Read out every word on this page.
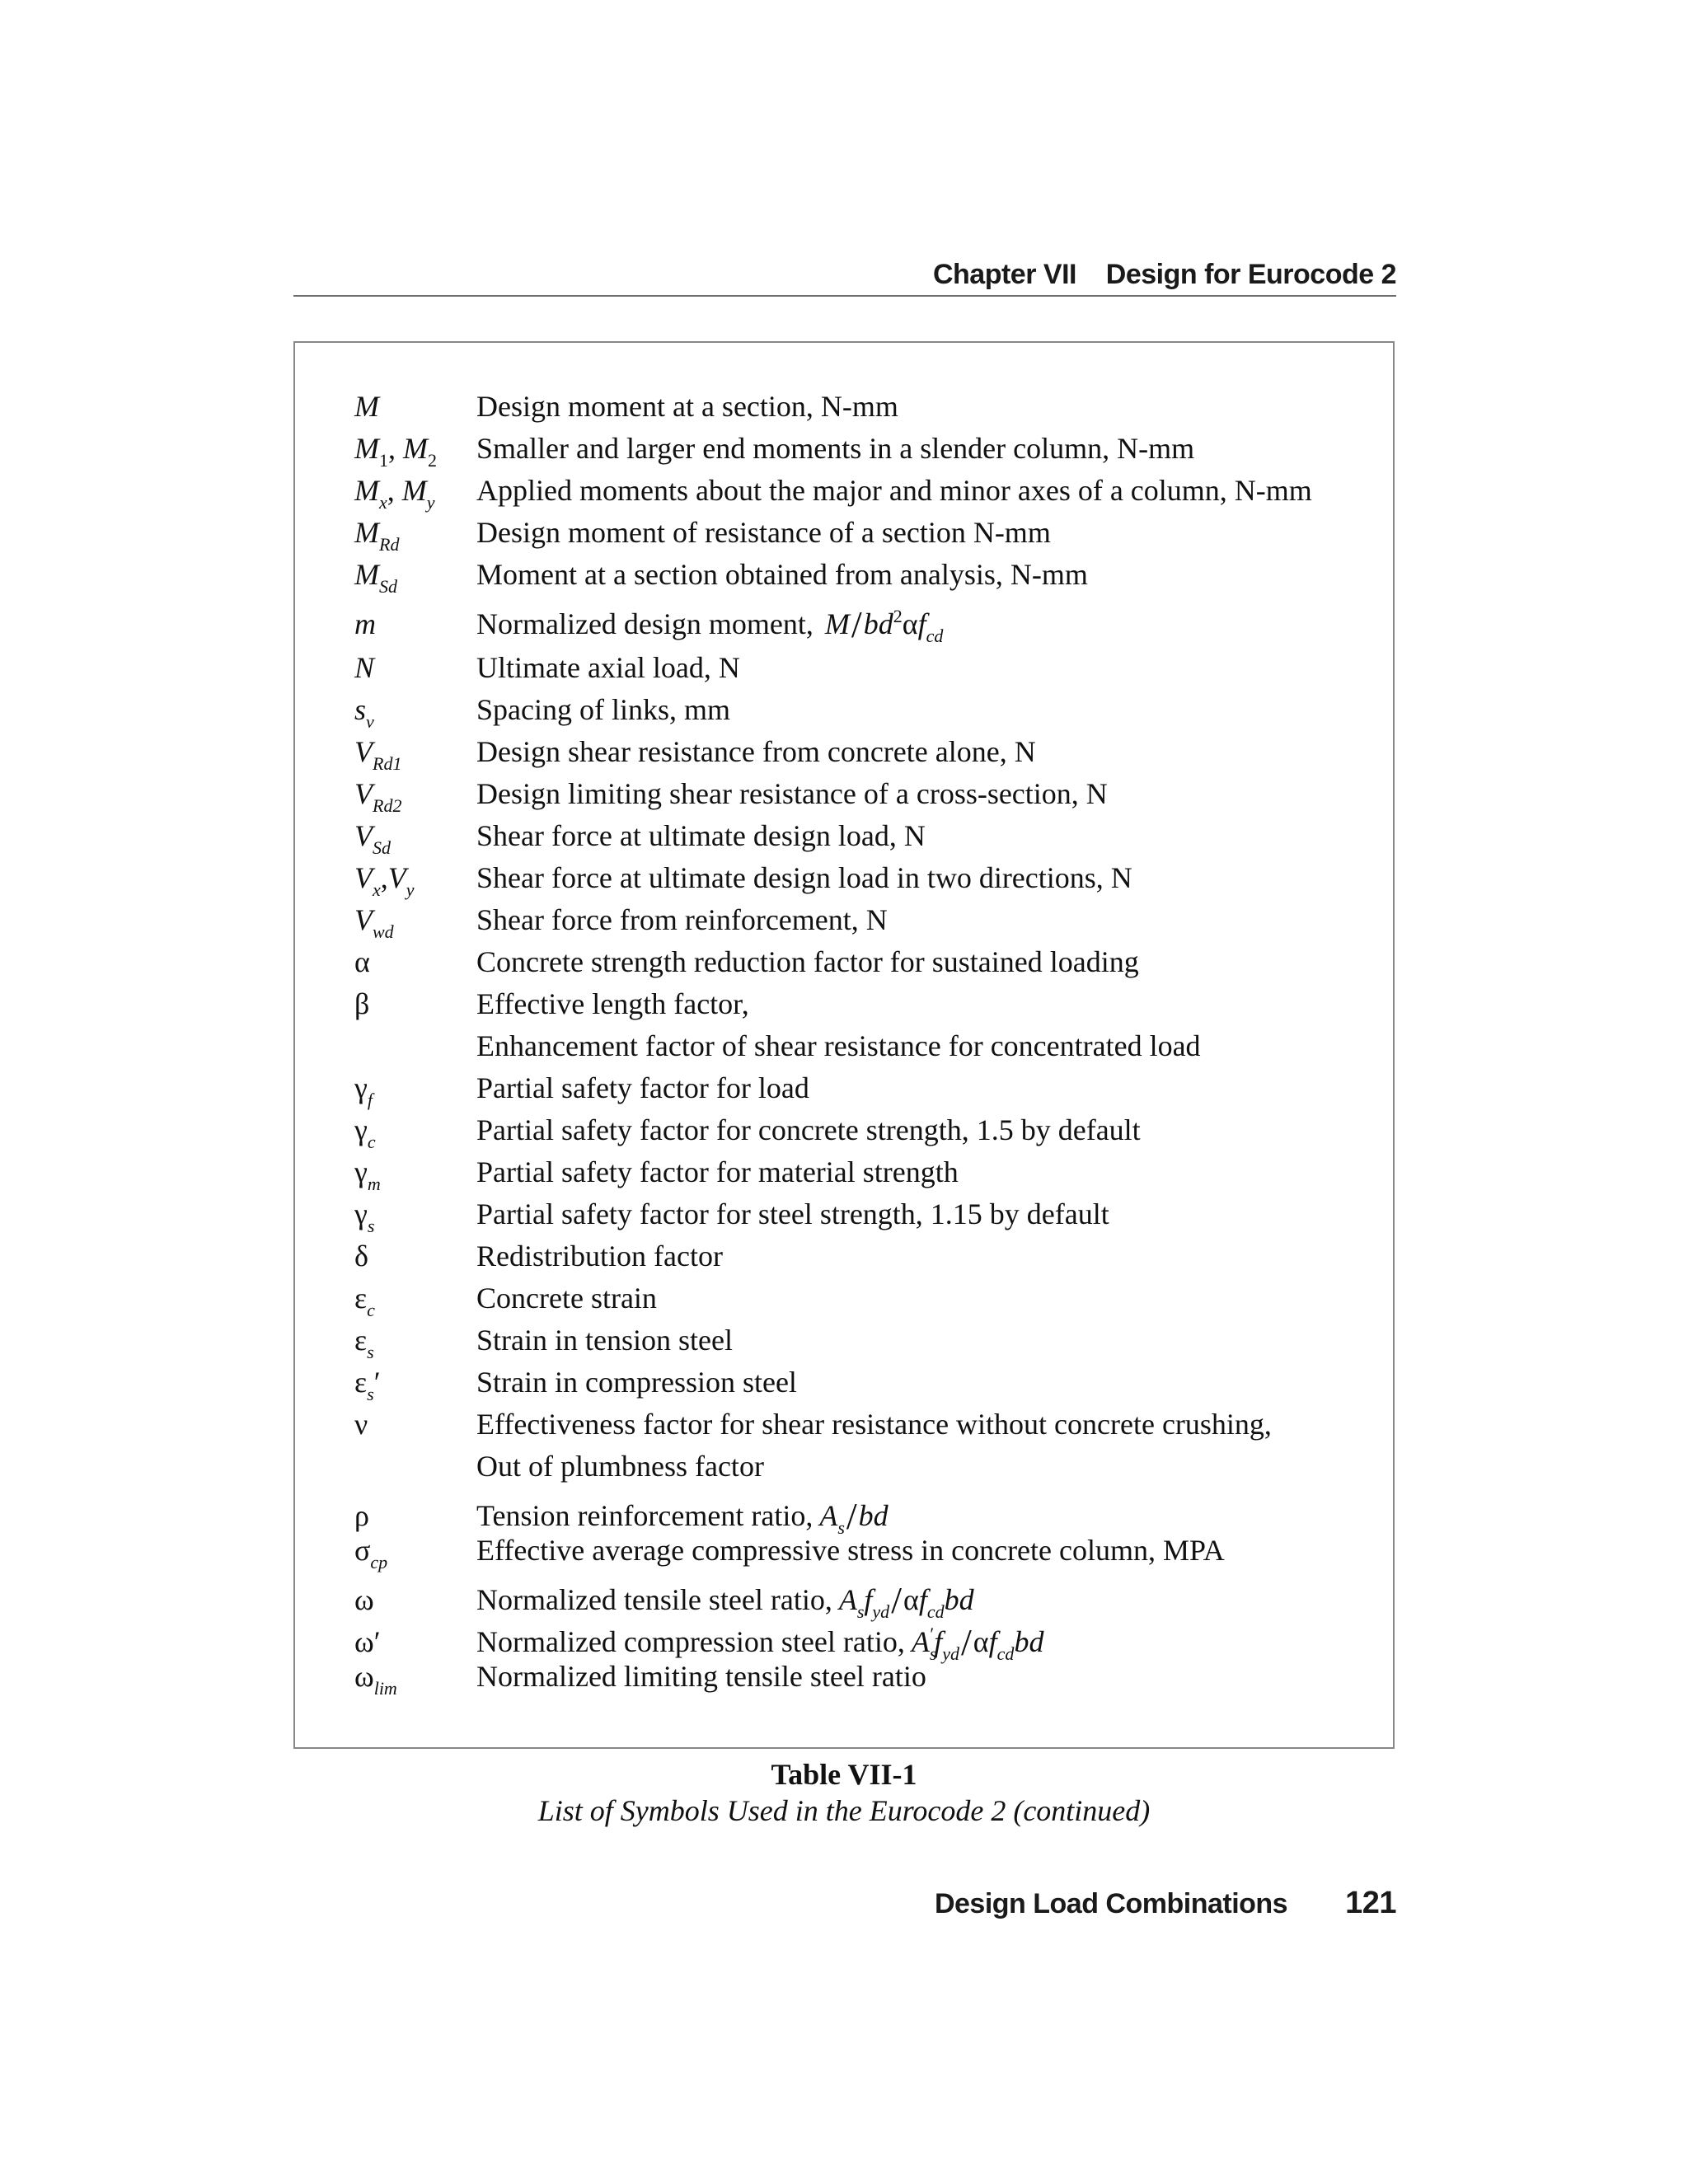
Chapter VII Design for Eurocode 2
M	Design moment at a section, N-mm
$M_1$, $M_2$	Smaller and larger end moments in a slender column, N-mm
$M_x$, $M_y$	Applied moments about the major and minor axes of a column, N-mm
$M_{Rd}$	Design moment of resistance of a section N-mm
$M_{Sd}$	Moment at a section obtained from analysis, N-mm
m	Normalized design moment, $M/bd^2\alpha f_{cd}$
N	Ultimate axial load, N
$s_v$	Spacing of links, mm
$V_{Rd1}$	Design shear resistance from concrete alone, N
$V_{Rd2}$	Design limiting shear resistance of a cross-section, N
$V_{Sd}$	Shear force at ultimate design load, N
$V_x,V_y$	Shear force at ultimate design load in two directions, N
$V_{wd}$	Shear force from reinforcement, N
α	Concrete strength reduction factor for sustained loading
β	Effective length factor,
Enhancement factor of shear resistance for concentrated load
$\gamma_f$	Partial safety factor for load
$\gamma_c$	Partial safety factor for concrete strength, 1.5 by default
$\gamma_m$	Partial safety factor for material strength
$\gamma_s$	Partial safety factor for steel strength, 1.15 by default
δ	Redistribution factor
$\varepsilon_c$	Concrete strain
$\varepsilon_s$	Strain in tension steel
$\varepsilon_s'$	Strain in compression steel
ν	Effectiveness factor for shear resistance without concrete crushing,
Out of plumbness factor
ρ	Tension reinforcement ratio, $A_s/bd$
$\sigma_{cp}$	Effective average compressive stress in concrete column, MPA
ω	Normalized tensile steel ratio, $A_sf_{yd}/\alpha f_{cd}bd$
ω′	Normalized compression steel ratio, $A_s'f_{yd}/\alpha f_{cd}bd$
$\omega_{lim}$	Normalized limiting tensile steel ratio
Table VII-1
List of Symbols Used in the Eurocode 2 (continued)
Design Load Combinations 121
